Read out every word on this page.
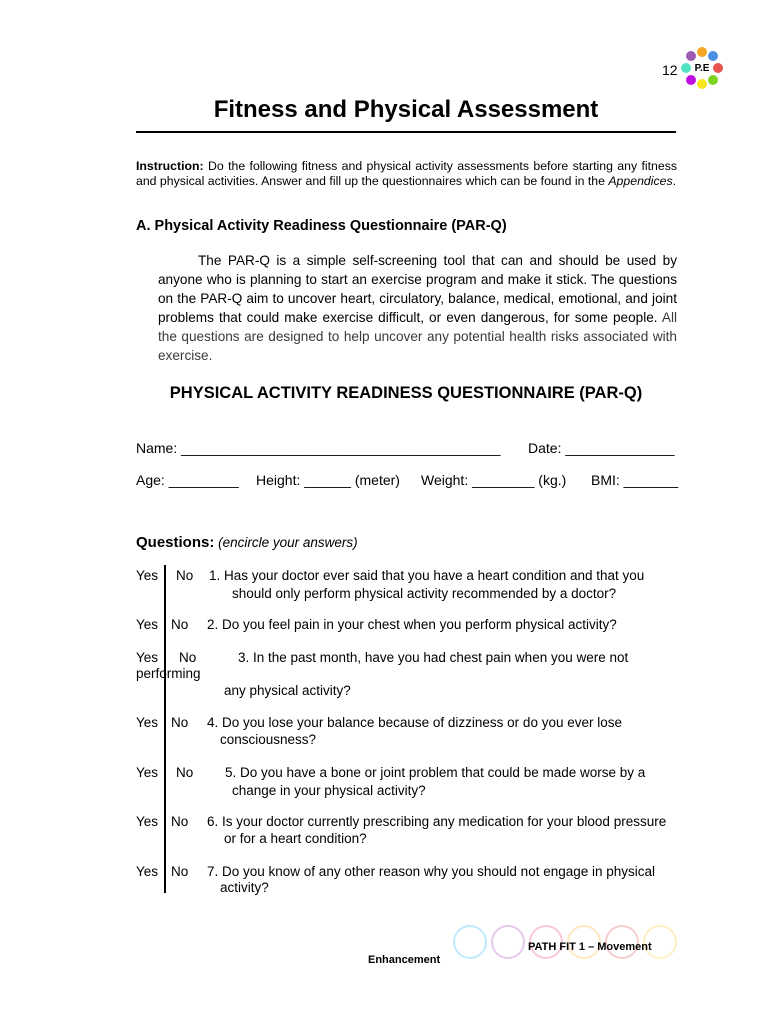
12 P.E
Fitness and Physical Assessment
Instruction: Do the following fitness and physical activity assessments before starting any fitness and physical activities. Answer and fill up the questionnaires which can be found in the Appendices.
A. Physical Activity Readiness Questionnaire (PAR-Q)
The PAR-Q is a simple self-screening tool that can and should be used by anyone who is planning to start an exercise program and make it stick. The questions on the PAR-Q aim to uncover heart, circulatory, balance, medical, emotional, and joint problems that could make exercise difficult, or even dangerous, for some people. All the questions are designed to help uncover any potential health risks associated with exercise.
PHYSICAL ACTIVITY READINESS QUESTIONNAIRE (PAR-Q)
Name: _________________________________________ Date: ______________
Age: _________ Height: ______ (meter) Weight: ________ (kg.) BMI: _______
Questions: (encircle your answers)
Yes No 1. Has your doctor ever said that you have a heart condition and that you
should only perform physical activity recommended by a doctor?
Yes No 2. Do you feel pain in your chest when you perform physical activity?
Yes No	3. In the past month, have you had chest pain when you were not
performing
any physical activity?
Yes No 4. Do you lose your balance because of dizziness or do you ever lose
consciousness?
Yes No 5. Do you have a bone or joint problem that could be made worse by a
change in your physical activity?
Yes No 6. Is your doctor currently prescribing any medication for your blood pressure
or for a heart condition?
Yes No 7. Do you know of any other reason why you should not engage in physical
activity?
PATH FIT 1 – Movement
Enhancement
